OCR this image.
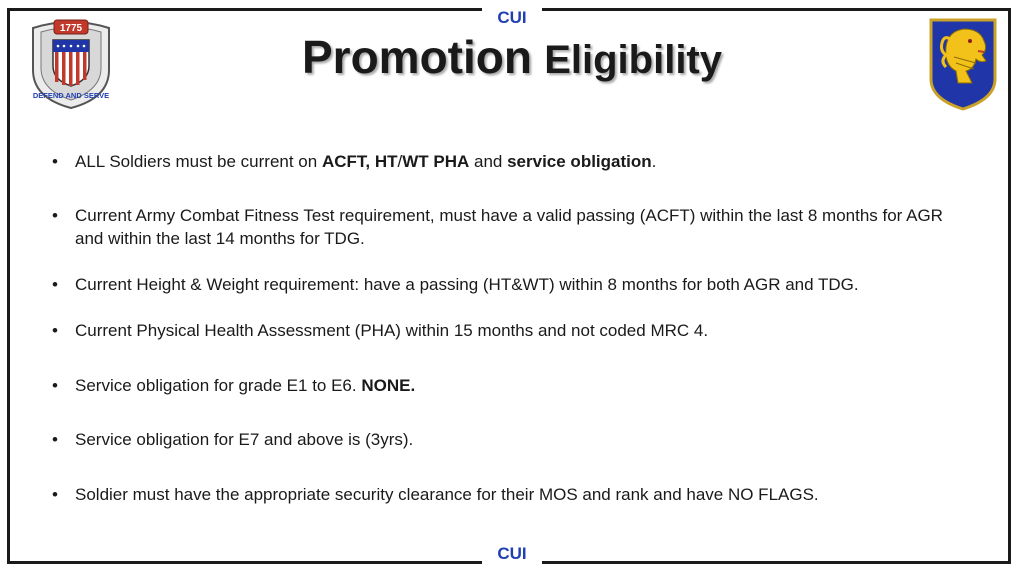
CUI
CUI
1775
DEFEND AND SERVE
Promotion Eligibility
• ALL Soldiers must be current on ACFT, HT/WT PHA and service obligation.
• Current Army Combat Fitness Test requirement, must have a valid passing (ACFT) within the last 8 months for AGR and within the last 14 months for TDG.
• Current Height & Weight requirement: have a passing (HT&WT) within 8 months for both AGR and TDG.
• Current Physical Health Assessment (PHA) within 15 months and not coded MRC 4.
• Service obligation for grade E1 to E6. NONE.
• Service obligation for E7 and above is (3yrs).
• Soldier must have the appropriate security clearance for their MOS and rank and have NO FLAGS.
